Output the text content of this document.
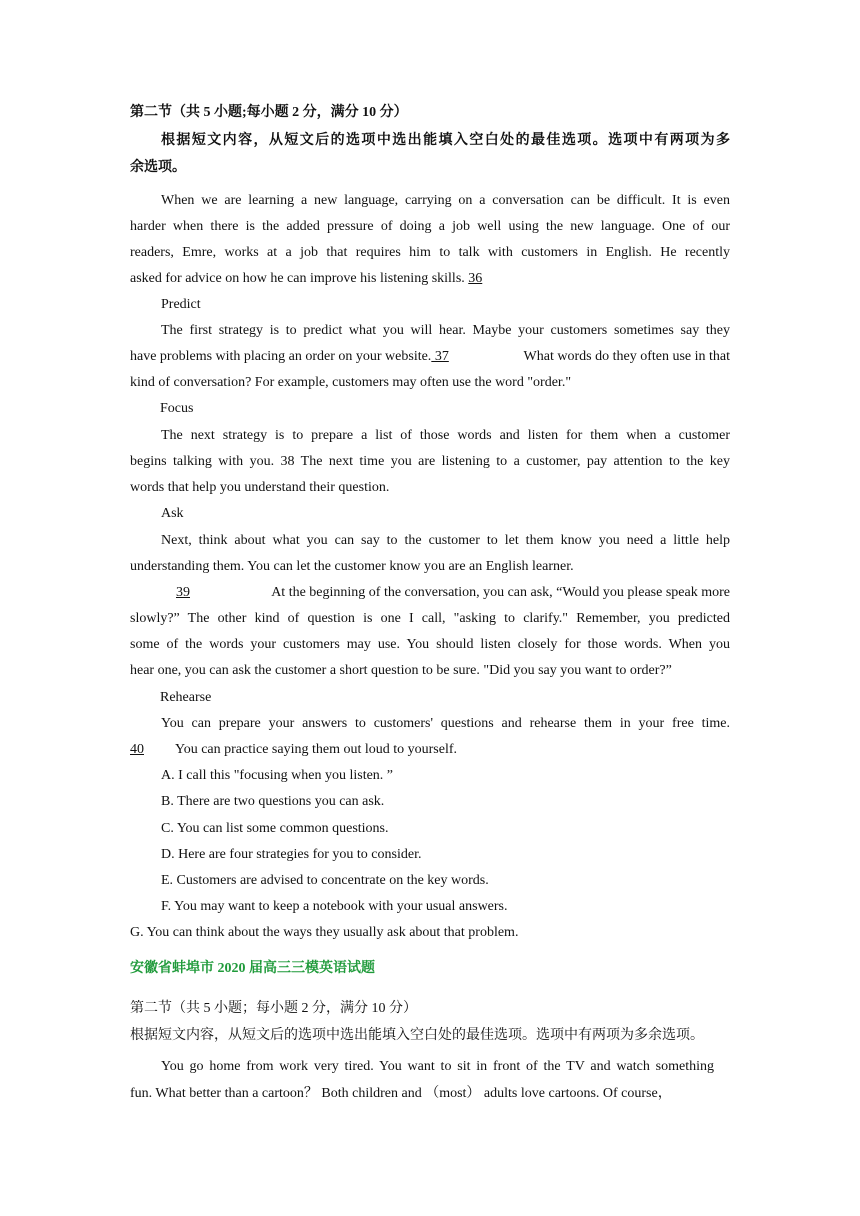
第二节（共 5 小题;每小题 2 分，满分 10 分）
根据短文内容，从短文后的选项中选出能填入空白处的最佳选项。选项中有两项为多
余选项。
When we are learning a new language, carrying on a conversation can be difficult. It is even
harder when there is the added pressure of doing a job well using the new language. One of our
readers, Emre, works at a job that requires him to talk with customers in English. He recently
asked for advice on how he can improve his listening skills. 36
Predict
The first strategy is to predict what you will hear. Maybe your customers sometimes say they
have problems with placing an order on your website. 37	What words do they often use in that
kind of conversation? For example, customers may often use the word "order."
Focus
The next strategy is to prepare a list of those words and listen for them when a customer
begins talking with you. 38 The next time you are listening to a customer, pay attention to the key
words that help you understand their question.
Ask
Next, think about what you can say to the customer to let them know you need a little help
understanding them. You can let the customer know you are an English learner.
39	At the beginning of the conversation, you can ask, “Would you please speak more
slowly?” The other kind of question is one I call, "asking to clarify." Remember, you predicted
some of the words your customers may use. You should listen closely for those words. When you
hear one, you can ask the customer a short question to be sure. "Did you say you want to order?”
Rehearse
You can prepare your answers to customers' questions and rehearse them in your free time.
40 You can practice saying them out loud to yourself.
A. I call this "focusing when you listen. ”
B. There are two questions you can ask.
C. You can list some common questions.
D. Here are four strategies for you to consider.
E. Customers are advised to concentrate on the key words.
F. You may want to keep a notebook with your usual answers.
G. You can think about the ways they usually ask about that problem.
安徽省蚌埠市 2020 届高三三模英语试题
第二节（共 5 小题；每小题 2 分，满分 10 分）
根据短文内容，从短文后的选项中选出能填入空白处的最佳选项。选项中有两项为多余选项。
You go home from work very tired. You want to sit in front of the TV and watch something
fun. What better than a cartoon？ Both children and （most） adults love cartoons. Of course，
